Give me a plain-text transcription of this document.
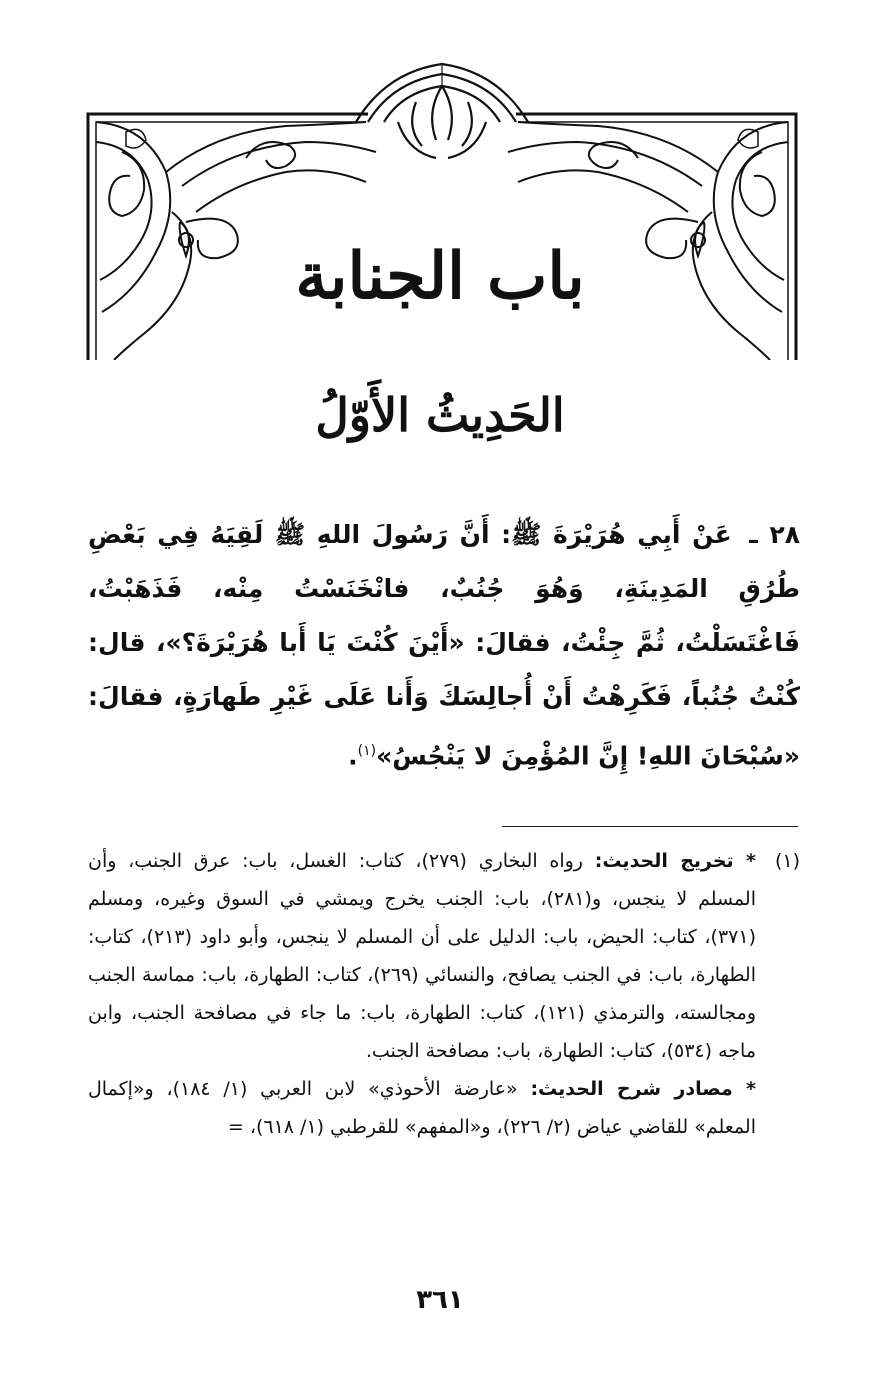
باب الجنابة
الحَدِيثُ الأَوّلُ
٢٨ ـ عَنْ أَبِي هُرَيْرَةَ ﷺ: أَنَّ رَسُولَ اللهِ ﷺ لَقِيَهُ فِي بَعْضِ طُرُقِ المَدِينَةِ، وَهُوَ جُنُبٌ، فانْخَنَسْتُ مِنْه، فَذَهَبْتُ، فَاغْتَسَلْتُ، ثُمَّ جِئْتُ، فقالَ: «أَيْنَ كُنْتَ يَا أَبا هُرَيْرَةَ؟»، قال: كُنْتُ جُنُباً، فَكَرِهْتُ أَنْ أُجالِسَكَ وَأَنا عَلَى غَيْرِ طَهارَةٍ، فقالَ: «سُبْحَانَ اللهِ! إِنَّ المُؤْمِنَ لا يَنْجُسُ»$^{(١)}$.
(١)
* تخريج الحديث: رواه البخاري (٢٧٩)، كتاب: الغسل، باب: عرق الجنب، وأن المسلم لا ينجس، و(٢٨١)، باب: الجنب يخرج ويمشي في السوق وغيره، ومسلم (٣٧١)، كتاب: الحيض، باب: الدليل على أن المسلم لا ينجس، وأبو داود (٢١٣)، كتاب: الطهارة، باب: في الجنب يصافح، والنسائي (٢٦٩)، كتاب: الطهارة، باب: مماسة الجنب ومجالسته، والترمذي (١٢١)، كتاب: الطهارة، باب: ما جاء في مصافحة الجنب، وابن ماجه (٥٣٤)، كتاب: الطهارة، باب: مصافحة الجنب.
* مصادر شرح الحديث: «عارضة الأحوذي» لابن العربي (١/ ١٨٤)، و«إكمال المعلم» للقاضي عياض (٢/ ٢٢٦)، و«المفهم» للقرطبي (١/ ٦١٨)، =
٣٦١
